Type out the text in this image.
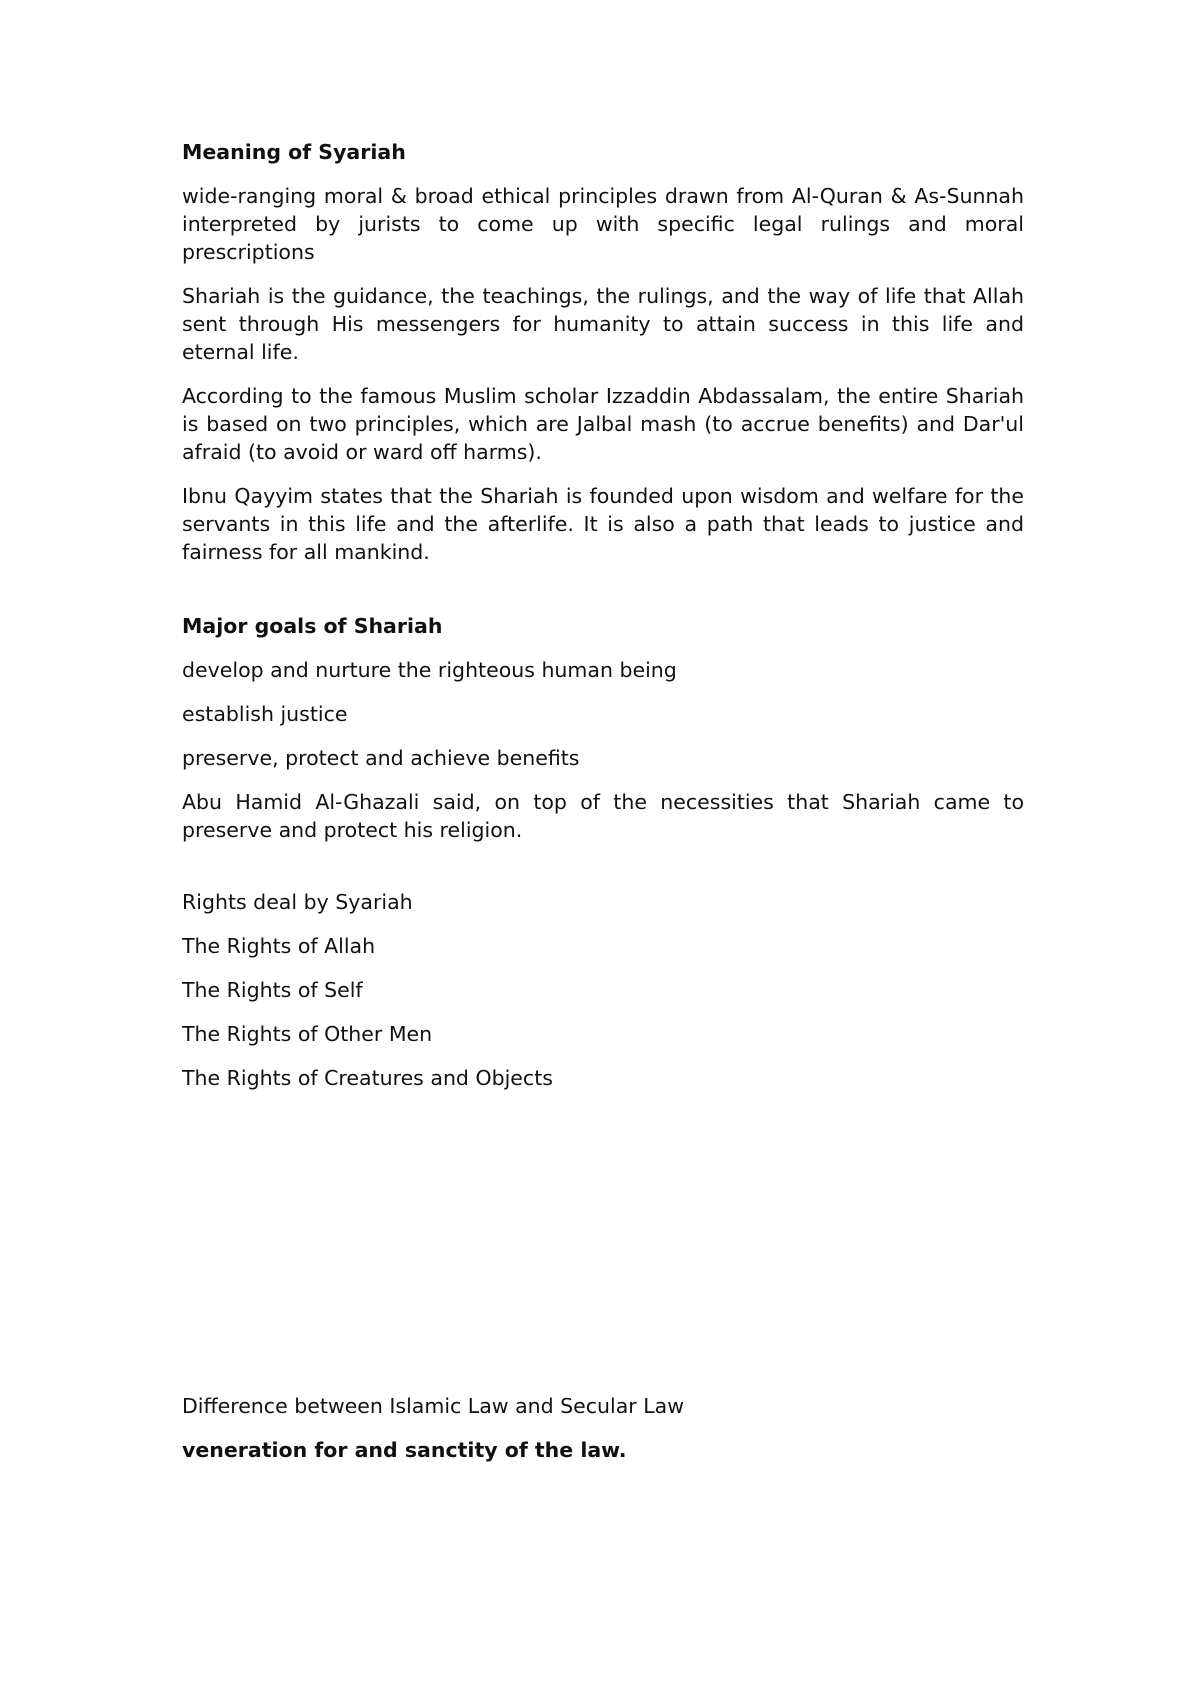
Meaning of Syariah

wide-ranging moral & broad ethical principles drawn from Al-Quran & As-Sunnah interpreted by jurists to come up with specific legal rulings and moral prescriptions

Shariah is the guidance, the teachings, the rulings, and the way of life that Allah sent through His messengers for humanity to attain success in this life and eternal life.

According to the famous Muslim scholar Izzaddin Abdassalam, the entire Shariah is based on two principles, which are Jalbal mash (to accrue benefits) and Dar'ul afraid (to avoid or ward off harms).

Ibnu Qayyim states that the Shariah is founded upon wisdom and welfare for the servants in this life and the afterlife. It is also a path that leads to justice and fairness for all mankind.

Major goals of Shariah

develop and nurture the righteous human being

establish justice

preserve, protect and achieve benefits

Abu Hamid Al-Ghazali said, on top of the necessities that Shariah came to preserve and protect his religion.

Rights deal by Syariah

The Rights of Allah

The Rights of Self

The Rights of Other Men

The Rights of Creatures and Objects

Difference between Islamic Law and Secular Law

veneration for and sanctity of the law.
